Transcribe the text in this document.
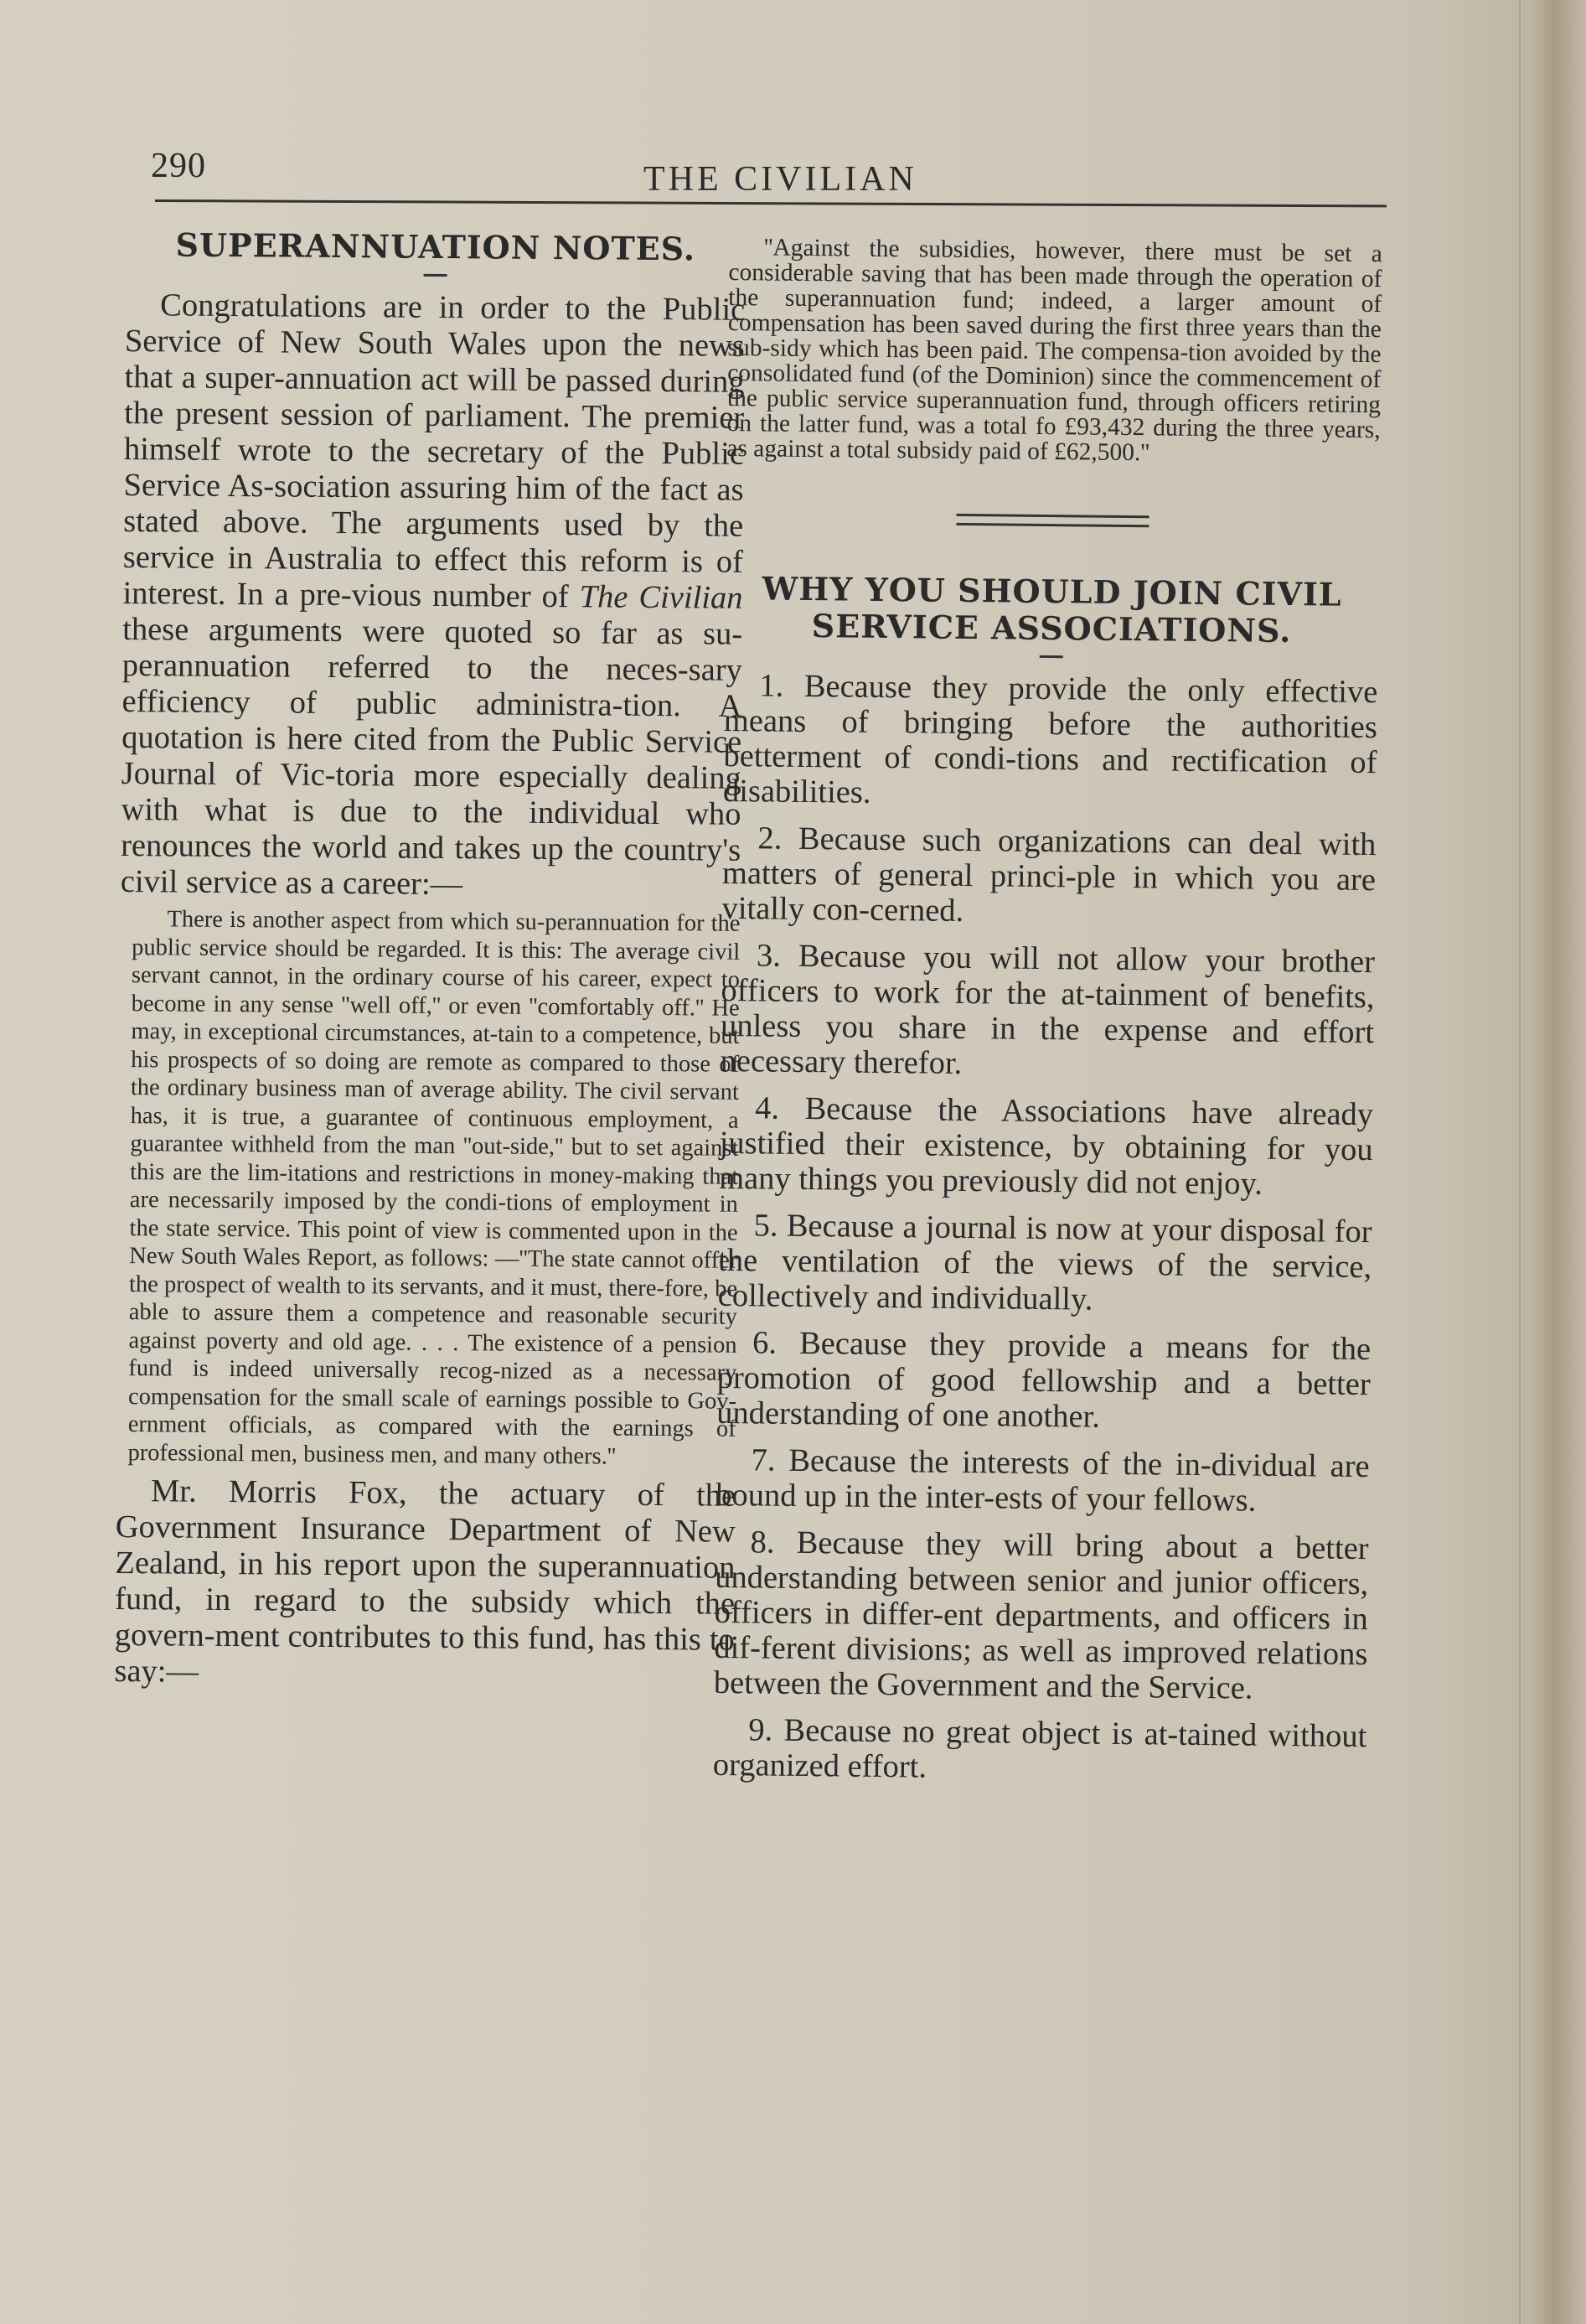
290	THE CIVILIAN
SUPERANNUATION NOTES.

Congratulations are in order to the Public Service of New South Wales upon the news that a super-annuation act will be passed during the present session of parliament. The premier himself wrote to the secretary of the Public Service As-sociation assuring him of the fact as stated above. The arguments used by the service in Australia to effect this reform is of interest. In a pre-vious number of The Civilian these arguments were quoted so far as su-perannuation referred to the neces-sary efficiency of public administra-tion. A quotation is here cited from the Public Service Journal of Vic-toria more especially dealing with what is due to the individual who renounces the world and takes up the country's civil service as a career:—

There is another aspect from which su-perannuation for the public service should be regarded. It is this: The average civil servant cannot, in the ordinary course of his career, expect to become in any sense ''well off,'' or even ''comfortably off.'' He may, in exceptional circumstances, at-tain to a competence, but his prospects of so doing are remote as compared to those of the ordinary business man of average ability. The civil servant has, it is true, a guarantee of continuous employment, a guarantee withheld from the man ''out-side,'' but to set against this are the lim-itations and restrictions in money-making that are necessarily imposed by the condi-tions of employment in the state service. This point of view is commented upon in the New South Wales Report, as follows: —''The state cannot offer the prospect of wealth to its servants, and it must, there-fore, be able to assure them a competence and reasonable security against poverty and old age. . . . The existence of a pension fund is indeed universally recog-nized as a necessary compensation for the small scale of earnings possible to Gov-ernment officials, as compared with the earnings of professional men, business men, and many others.''

Mr. Morris Fox, the actuary of the Government Insurance Department of New Zealand, in his report upon the superannuation fund, in regard to the subsidy which the govern-ment contributes to this fund, has this to say:—

''Against the subsidies, however, there must be set a considerable saving that has been made through the operation of the superannuation fund; indeed, a larger amount of compensation has been saved during the first three years than the sub-sidy which has been paid. The compensa-tion avoided by the consolidated fund (of the Dominion) since the commencement of the public service superannuation fund, through officers retiring on the latter fund, was a total fo £93,432 during the three years, as against a total subsidy paid of £62,500.''

WHY YOU SHOULD JOIN CIVIL
SERVICE ASSOCIATIONS.

1. Because they provide the only effective means of bringing before the authorities betterment of condi-tions and rectification of disabilities.

2. Because such organizations can deal with matters of general princi-ple in which you are vitally con-cerned.

3. Because you will not allow your brother officers to work for the at-tainment of benefits, unless you share in the expense and effort necessary therefor.

4. Because the Associations have already justified their existence, by obtaining for you many things you previously did not enjoy.

5. Because a journal is now at your disposal for the ventilation of the views of the service, collectively and individually.

6. Because they provide a means for the promotion of good fellowship and a better understanding of one another.

7. Because the interests of the in-dividual are bound up in the inter-ests of your fellows.

8. Because they will bring about a better understanding between senior and junior officers, officers in differ-ent departments, and officers in dif-ferent divisions; as well as improved relations between the Government and the Service.

9. Because no great object is at-tained without organized effort.
